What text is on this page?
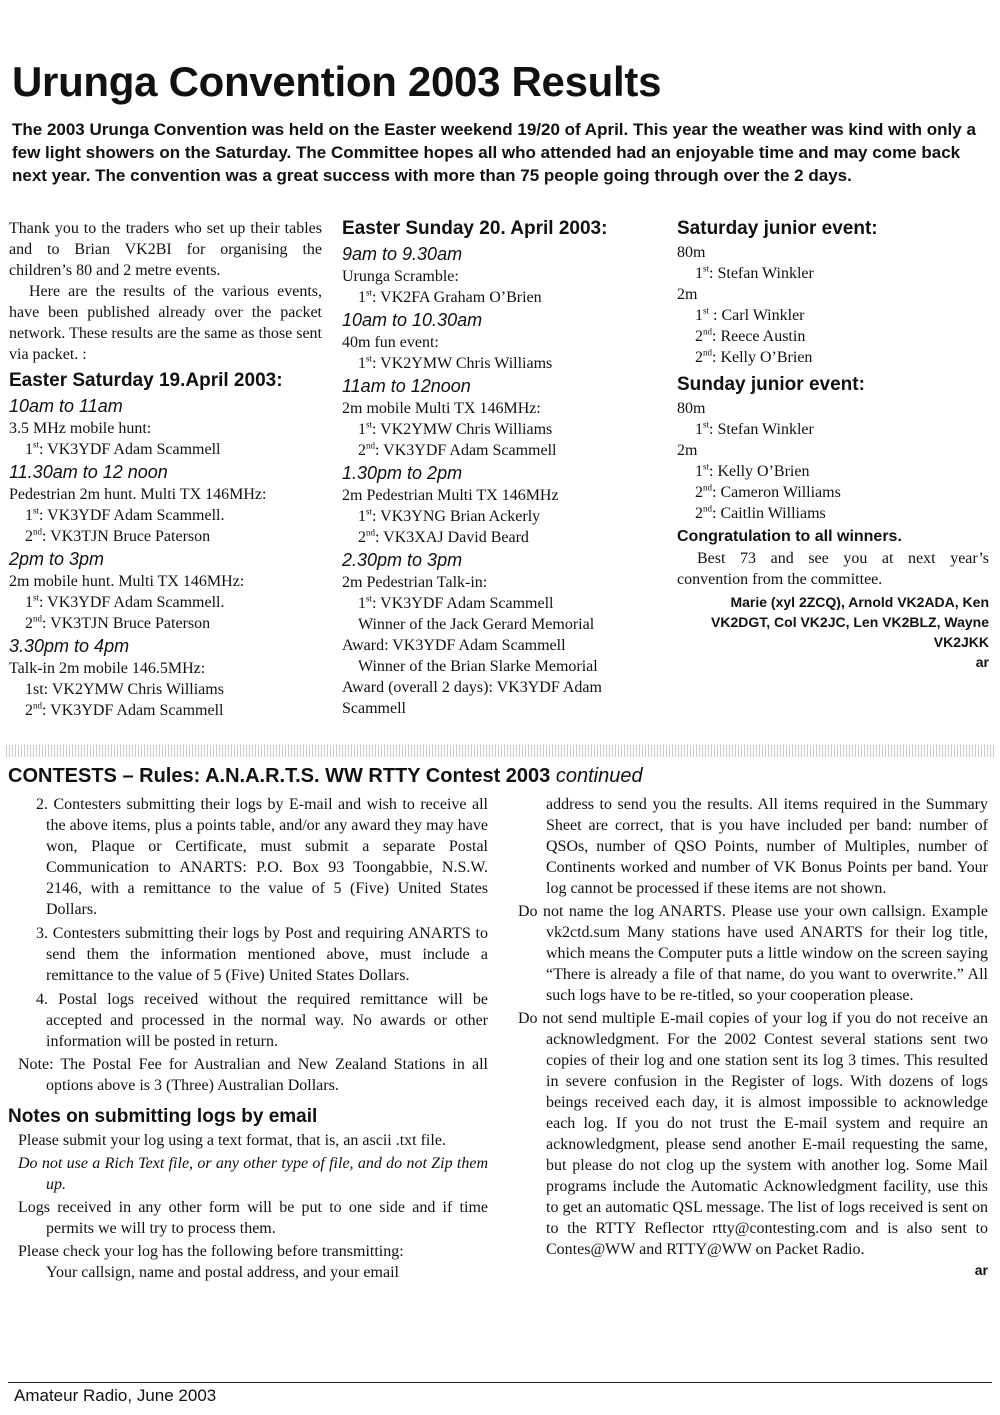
Urunga Convention 2003 Results

The 2003 Urunga Convention was held on the Easter weekend 19/20 of April. This year the weather was kind with only a few light showers on the Saturday. The Committee hopes all who attended had an enjoyable time and may come back next year. The convention was a great success with more than 75 people going through over the 2 days.

Thank you to the traders who set up their tables and to Brian VK2BI for organising the children’s 80 and 2 metre events.

Here are the results of the various events, have been published already over the packet network. These results are the same as those sent via packet. :

Easter Saturday 19.April 2003:

10am to 11am

3.5 MHz mobile hunt:

1st: VK3YDF Adam Scammell

11.30am to 12 noon

Pedestrian 2m hunt. Multi TX 146MHz:

1st: VK3YDF Adam Scammell.

2nd: VK3TJN Bruce Paterson

2pm to 3pm

2m mobile hunt. Multi TX 146MHz:

1st: VK3YDF Adam Scammell.

2nd: VK3TJN Bruce Paterson

3.30pm to 4pm

Talk-in 2m mobile 146.5MHz:

1st: VK2YMW Chris Williams

2nd: VK3YDF Adam Scammell

Easter Sunday 20. April 2003:

9am to 9.30am

Urunga Scramble:

1st: VK2FA Graham O’Brien

10am to 10.30am

40m fun event:

1st: VK2YMW Chris Williams

11am to 12noon

2m mobile Multi TX 146MHz:

1st: VK2YMW Chris Williams

2nd: VK3YDF Adam Scammell

1.30pm to 2pm

2m Pedestrian Multi TX 146MHz

1st: VK3YNG Brian Ackerly

2nd: VK3XAJ David Beard

2.30pm to 3pm

2m Pedestrian Talk-in:

1st: VK3YDF Adam Scammell

Winner of the Jack Gerard Memorial

Award: VK3YDF Adam Scammell

Winner of the Brian Slarke Memorial

Award (overall 2 days): VK3YDF Adam Scammell

Saturday junior event:

80m

1st: Stefan Winkler

2m

1st : Carl Winkler

2nd: Reece Austin

2nd: Kelly O’Brien

Sunday junior event:

80m

1st: Stefan Winkler

2m

1st: Kelly O’Brien

2nd: Cameron Williams

2nd: Caitlin Williams

Congratulation to all winners.

Best 73 and see you at next year’s convention from the committee.

Marie (xyl 2ZCQ), Arnold VK2ADA, Ken VK2DGT, Col VK2JC, Len VK2BLZ, Wayne VK2JKK

ar

CONTESTS – Rules: A.N.A.R.T.S. WW RTTY Contest 2003 continued

2. Contesters submitting their logs by E-mail and wish to receive all the above items, plus a points table, and/or any award they may have won, Plaque or Certificate, must submit a separate Postal Communication to ANARTS: P.O. Box 93 Toongabbie, N.S.W. 2146, with a remittance to the value of 5 (Five) United States Dollars.

3. Contesters submitting their logs by Post and requiring ANARTS to send them the information mentioned above, must include a remittance to the value of 5 (Five) United States Dollars.

4. Postal logs received without the required remittance will be accepted and processed in the normal way. No awards or other information will be posted in return.

Note: The Postal Fee for Australian and New Zealand Stations in all options above is 3 (Three) Australian Dollars.

Notes on submitting logs by email

Please submit your log using a text format, that is, an ascii .txt file.

Do not use a Rich Text file, or any other type of file, and do not Zip them up.

Logs received in any other form will be put to one side and if time permits we will try to process them.

Please check your log has the following before transmitting:

Your callsign, name and postal address, and your email

address to send you the results. All items required in the Summary Sheet are correct, that is you have included per band: number of QSOs, number of QSO Points, number of Multiples, number of Continents worked and number of VK Bonus Points per band. Your log cannot be processed if these items are not shown.

Do not name the log ANARTS. Please use your own callsign. Example vk2ctd.sum Many stations have used ANARTS for their log title, which means the Computer puts a little window on the screen saying “There is already a file of that name, do you want to overwrite.” All such logs have to be re-titled, so your cooperation please.

Do not send multiple E-mail copies of your log if you do not receive an acknowledgment. For the 2002 Contest several stations sent two copies of their log and one station sent its log 3 times. This resulted in severe confusion in the Register of logs. With dozens of logs beings received each day, it is almost impossible to acknowledge each log. If you do not trust the E-mail system and require an acknowledgment, please send another E-mail requesting the same, but please do not clog up the system with another log. Some Mail programs include the Automatic Acknowledgment facility, use this to get an automatic QSL message. The list of logs received is sent on to the RTTY Reflector rtty@contesting.com and is also sent to Contes@WW and RTTY@WW on Packet Radio.

ar

Amateur Radio, June 2003
